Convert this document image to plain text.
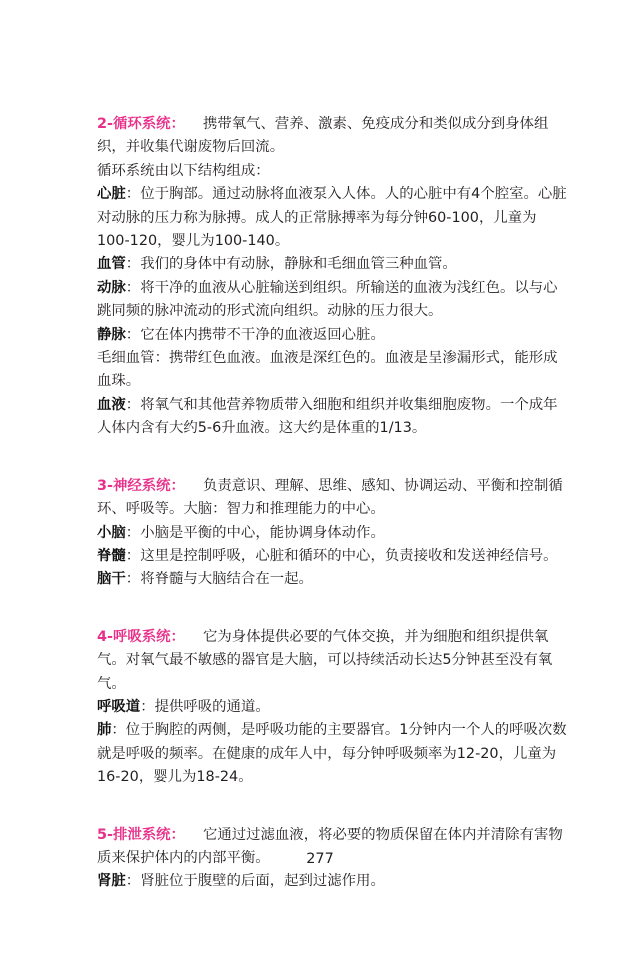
2-循环系统： 携带氧气、营养、激素、免疫成分和类似成分到身体组织，并收集代谢废物后回流。

循环系统由以下结构组成：

心脏：位于胸部。通过动脉将血液泵入人体。人的心脏中有4个腔室。心脏对动脉的压力称为脉搏。成人的正常脉搏率为每分钟60-100，儿童为100-120，婴儿为100-140。

血管：我们的身体中有动脉，静脉和毛细血管三种血管。

动脉：将干净的血液从心脏输送到组织。所输送的血液为浅红色。以与心跳同频的脉冲流动的形式流向组织。动脉的压力很大。

静脉：它在体内携带不干净的血液返回心脏。

毛细血管：携带红色血液。血液是深红色的。血液是呈渗漏形式，能形成血珠。

血液：将氧气和其他营养物质带入细胞和组织并收集细胞废物。一个成年人体内含有大约5-6升血液。这大约是体重的1/13。

3-神经系统： 负责意识、理解、思维、感知、协调运动、平衡和控制循环、呼吸等。大脑：智力和推理能力的中心。

小脑：小脑是平衡的中心，能协调身体动作。

脊髓：这里是控制呼吸，心脏和循环的中心，负责接收和发送神经信号。

脑干：将脊髓与大脑结合在一起。

4-呼吸系统： 它为身体提供必要的气体交换，并为细胞和组织提供氧气。对氧气最不敏感的器官是大脑，可以持续活动长达5分钟甚至没有氧气。

呼吸道：提供呼吸的通道。

肺：位于胸腔的两侧，是呼吸功能的主要器官。1分钟内一个人的呼吸次数就是呼吸的频率。在健康的成年人中，每分钟呼吸频率为12-20，儿童为16-20，婴儿为18-24。

5-排泄系统： 它通过过滤血液，将必要的物质保留在体内并清除有害物质来保护体内的内部平衡。

肾脏：肾脏位于腹壁的后面，起到过滤作用。

277
